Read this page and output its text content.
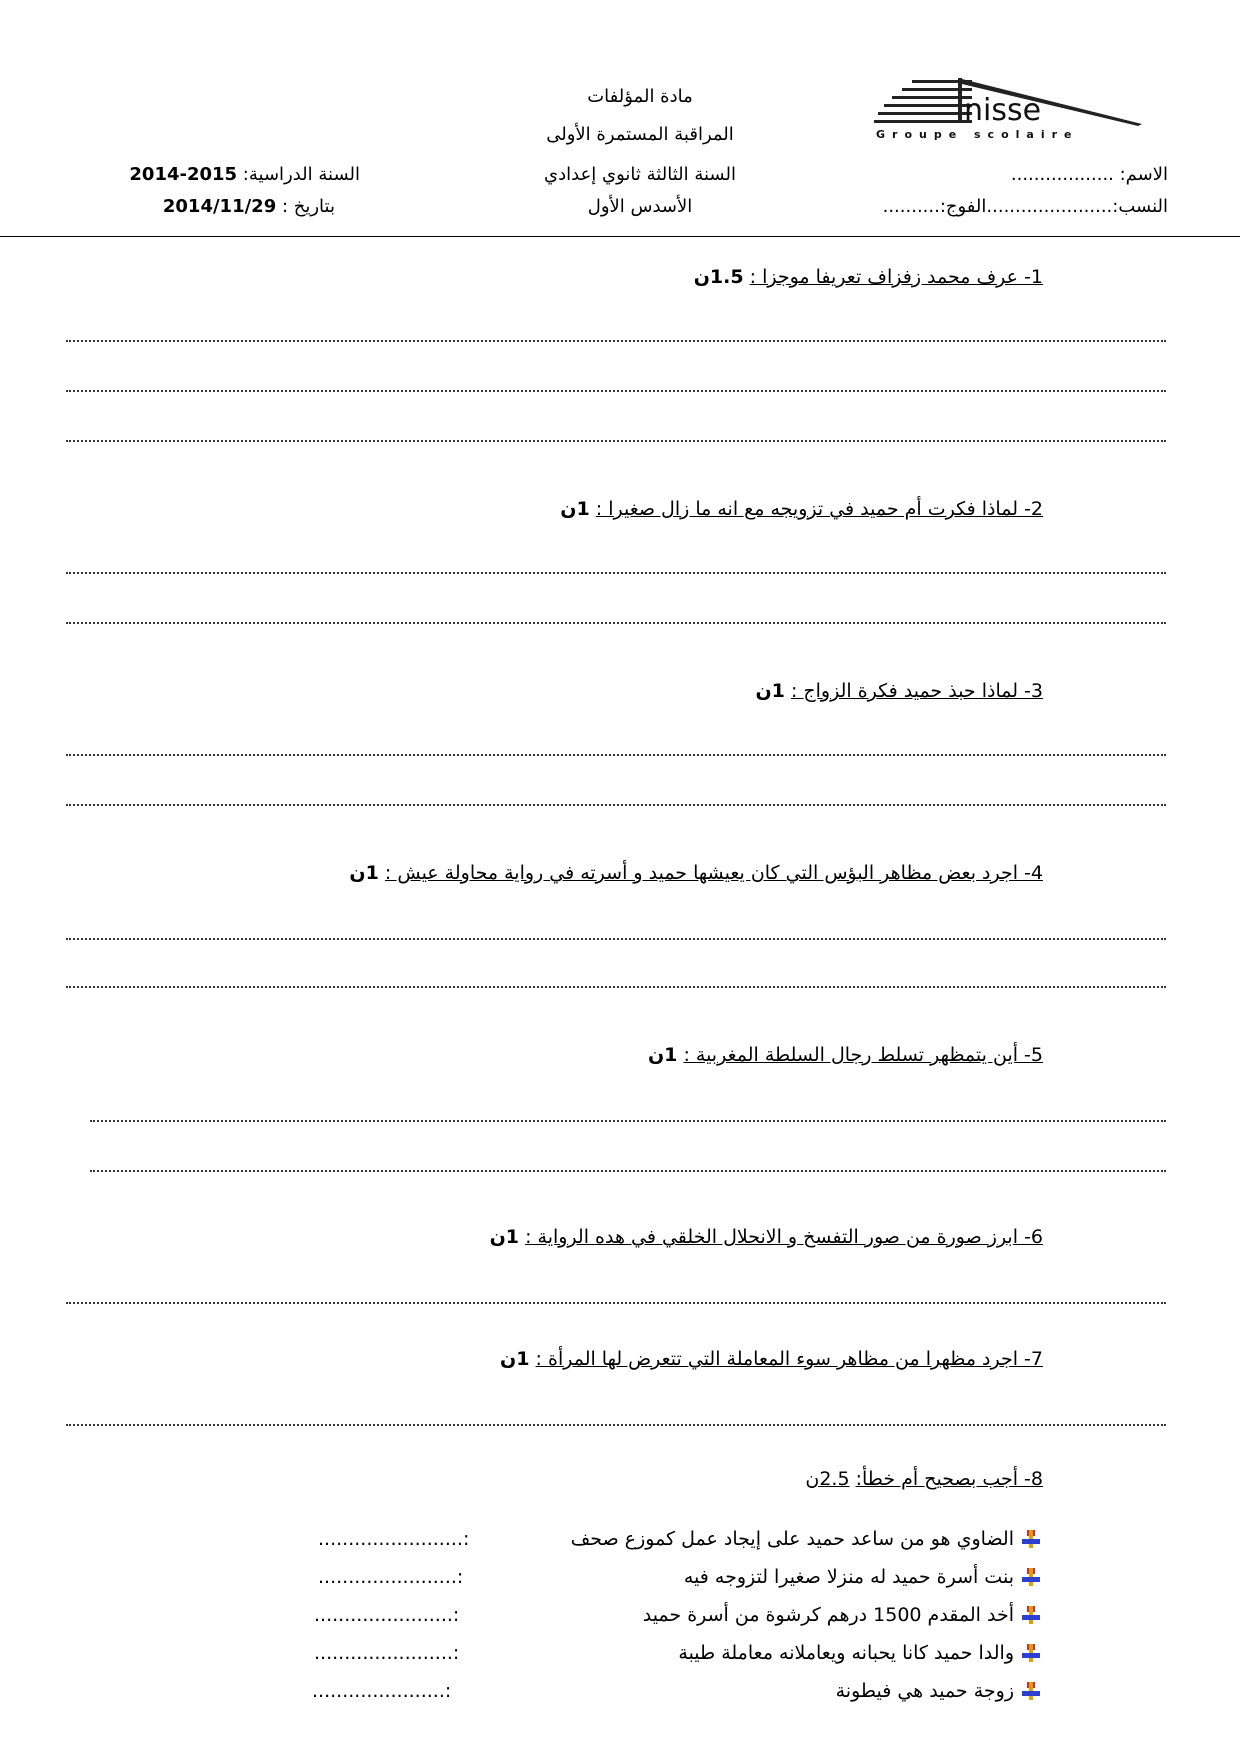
مادة المؤلفات
المراقبة المستمرة الأولى
السنة الثالثة ثانوي إعدادي
الأسدس الأول
السنة الدراسية: 2014-2015
بتاريخ : 2014/11/29
الاسم: ..................
النسب:......................الفوج:..........
nisse
Groupe scolaire
1- عرف محمد زفزاف تعريفا موجزا : 1.5ن
2- لماذا فكرت أم حميد في تزويجه مع انه ما زال صغيرا : 1ن
3- لماذا حبذ حميد فكرة الزواج : 1ن
4- اجرد بعض مظاهر البؤس التي كان يعيشها حميد و أسرته في رواية محاولة عيش : 1ن
5- أين يتمظهر تسلط رجال السلطة المغربية : 1ن
6- ابرز صورة من صور التفسخ و الانحلال الخلقي في هده الرواية : 1ن
7- اجرد مظهرا من مظاهر سوء المعاملة التي تتعرض لها المرأة : 1ن
8- أجب بصحيح أم خطأ: 2.5ن
الضاوي هو من ساعد حميد على إيجاد عمل كموزع صحف
........................:
بنت أسرة حميد له منزلا صغيرا لتزوجه فيه
.......................:
أخد المقدم 1500 درهم كرشوة من أسرة حميد
.......................:
والدا حميد كانا يحبانه ويعاملانه معاملة طيبة
.......................:
زوجة حميد هي فيطونة
......................:
